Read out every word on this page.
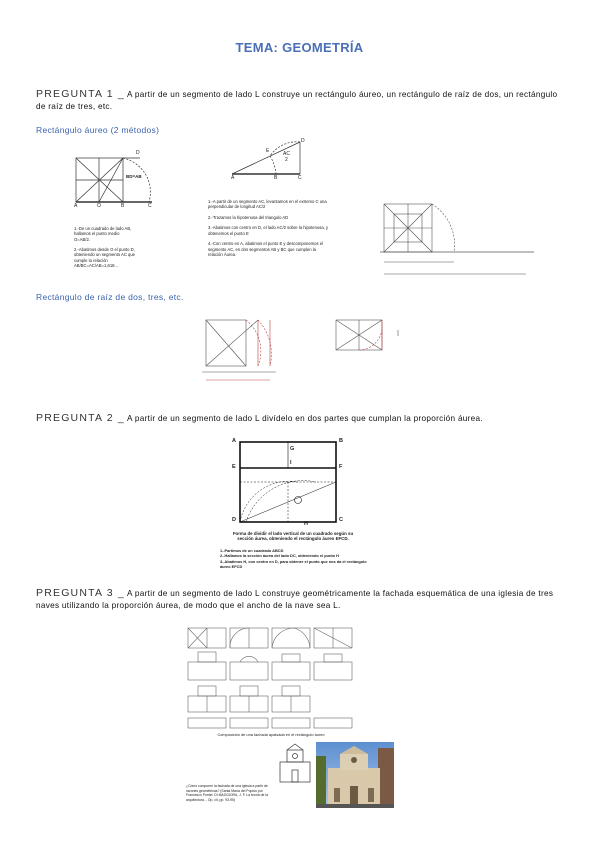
TEMA: GEOMETRÍA
PREGUNTA 1 _ A partir de un segmento de lado L construye un rectángulo áureo, un rectángulo de raíz de dos, un rectángulo de raíz de tres, etc.
Rectángulo áureo (2 métodos)
D
BD=AB
A	O	B	C
1.-De un cuadrado de lado AB, hallamos el punto medio O=AB/2.

2.-Abatimos desde O el punto D, obteniendo un segmento AC que cumple la relación AB/BC=AC/AB=1,618...
D
E	AC
2
A	B	C
1.-A partir de un segmento AC, levantamos en el extremo C una perpendicular de longitud AC/2

2.-Trazamos la hipotenusa del triangulo AD

3.-Abatimos con centro en D, el lado AC/2 sobre la hipotenusa, y obtenemos el punto E

4.-Con centro en A, abatimos el punto E y descomponemos el segmento AC, en dos segmentos AB y BC que cumplen la relación Áurea.
Rectángulo de raíz de dos, tres, etc.
PREGUNTA 2 _ A partir de un segmento de lado L divídelo en dos partes que cumplan la proporción áurea.
A	B
G
I
E	F
D	C
H
Forma de dividir el lado vertical de un cuadrado según su sección áurea, obteniendo el rectángulo áureo EFCD.
1.-Partimos de un cuadrado ABCD
2.-Hallamos la sección áurea del lado DC, obteniendo el punto H
3.-Abatimos H, con centro en D, para obtener el punto que nos da el rectángulo áureo EFCD
PREGUNTA 3 _ A partir de un segmento de lado L construye geométricamente la fachada esquemática de una iglesia de tres naves utilizando la proporción áurea, de modo que el ancho de la nave sea L.
Composición de una fachada apaisada en el rectángulo áureo
¿Cómo componer la fachada de una iglesia a partir de razones geométricas? (Santa María del Popolo por Francesco Pontel. DI MAGGIORA, J. F. La teoría de la arquitectura. - Op. cit. pp. 93-95)
